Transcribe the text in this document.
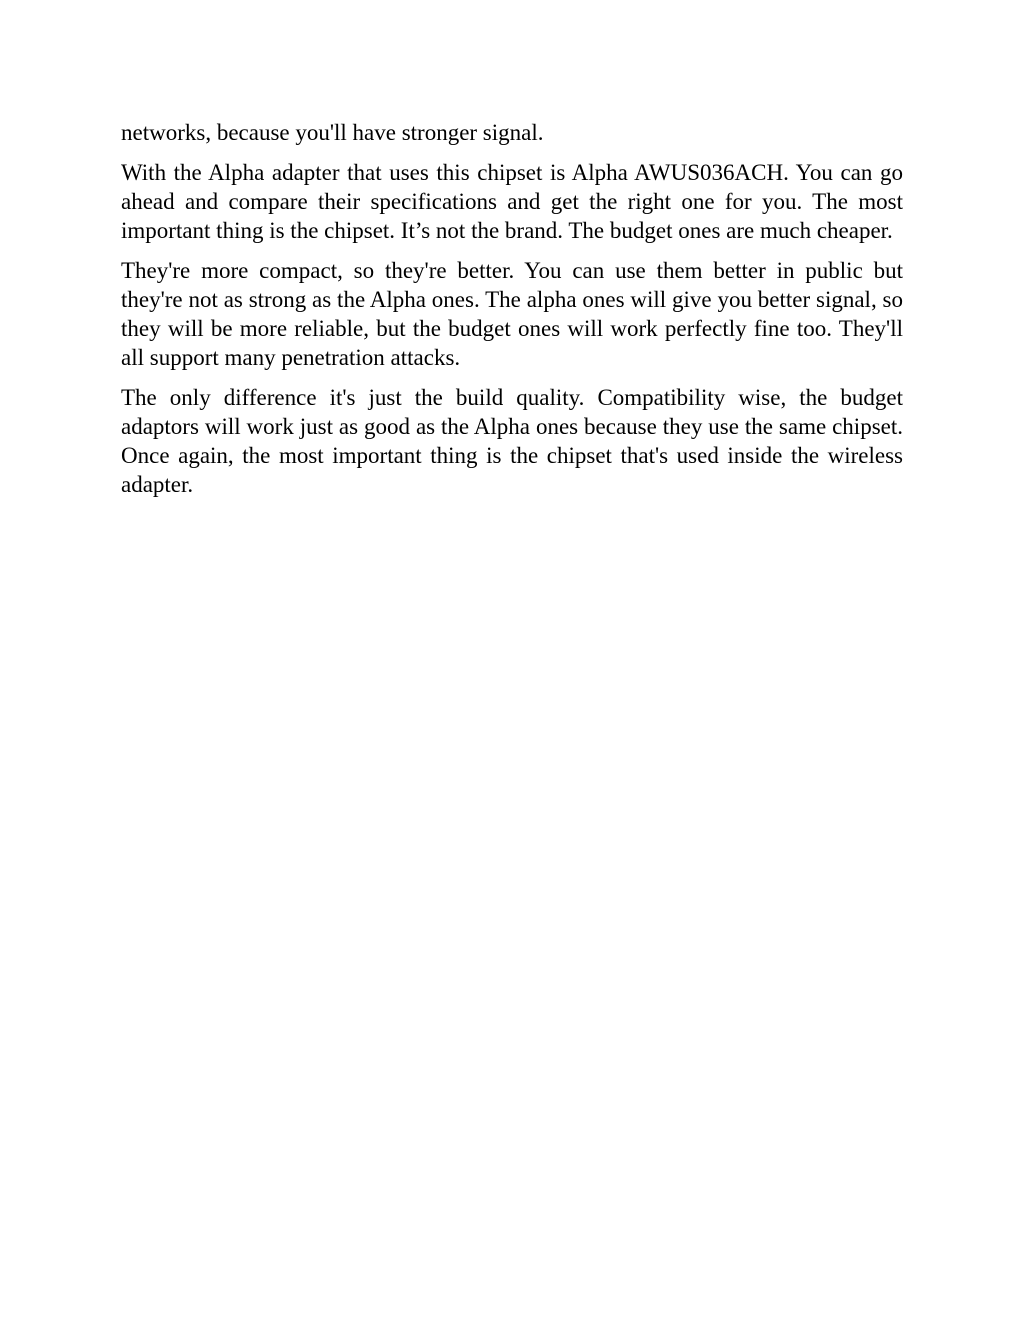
networks, because you'll have stronger signal.

With the Alpha adapter that uses this chipset is Alpha AWUS036ACH. You can go ahead and compare their specifications and get the right one for you. The most important thing is the chipset. It’s not the brand. The budget ones are much cheaper.

They're more compact, so they're better. You can use them better in public but they're not as strong as the Alpha ones. The alpha ones will give you better signal, so they will be more reliable, but the budget ones will work perfectly fine too. They'll all support many penetration attacks.

The only difference it's just the build quality. Compatibility wise, the budget adaptors will work just as good as the Alpha ones because they use the same chipset. Once again, the most important thing is the chipset that's used inside the wireless adapter.
